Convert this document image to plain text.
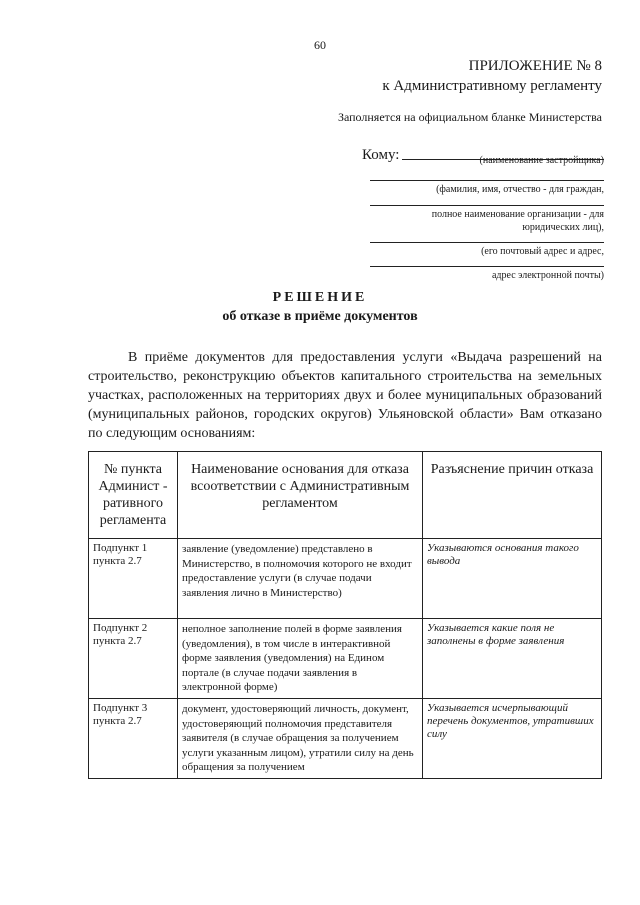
60
ПРИЛОЖЕНИЕ № 8
к Административному регламенту
Заполняется на официальном бланке Министерства
Кому:	(наименование застройщика)
(фамилия, имя, отчество - для граждан,
полное наименование организации - для
юридических лиц),
(его почтовый адрес и адрес,
адрес электронной почты)
РЕШЕНИЕ
об отказе в приёме документов
В приёме документов для предоставления услуги «Выдача разрешений на строительство, реконструкцию объектов капитального строительства на земельных участках, расположенных на территориях двух и более муниципальных образований (муниципальных районов, городских округов) Ульяновской области» Вам отказано по следующим основаниям:
№ пункта Админист - ративного регламента	Наименование основания для отказа всоответствии с Административным регламентом	Разъяснение причин отказа
Подпункт 1 пункта 2.7	заявление (уведомление) представлено в Министерство, в полномочия которого не входит предоставление услуги (в случае подачи заявления лично в Министерство)	Указываются основания такого вывода
Подпункт 2 пункта 2.7	неполное заполнение полей в форме заявления (уведомления), в том числе в интерактивной форме заявления (уведомления) на Едином портале (в случае подачи заявления в электронной форме)	Указывается какие поля не заполнены в форме заявления
Подпункт 3 пункта 2.7	документ, удостоверяющий личность, документ, удостоверяющий полномочия представителя заявителя (в случае обращения за получением услуги указанным лицом), утратили силу на день обращения за получением	Указывается исчерпывающий перечень документов, утративших силу
